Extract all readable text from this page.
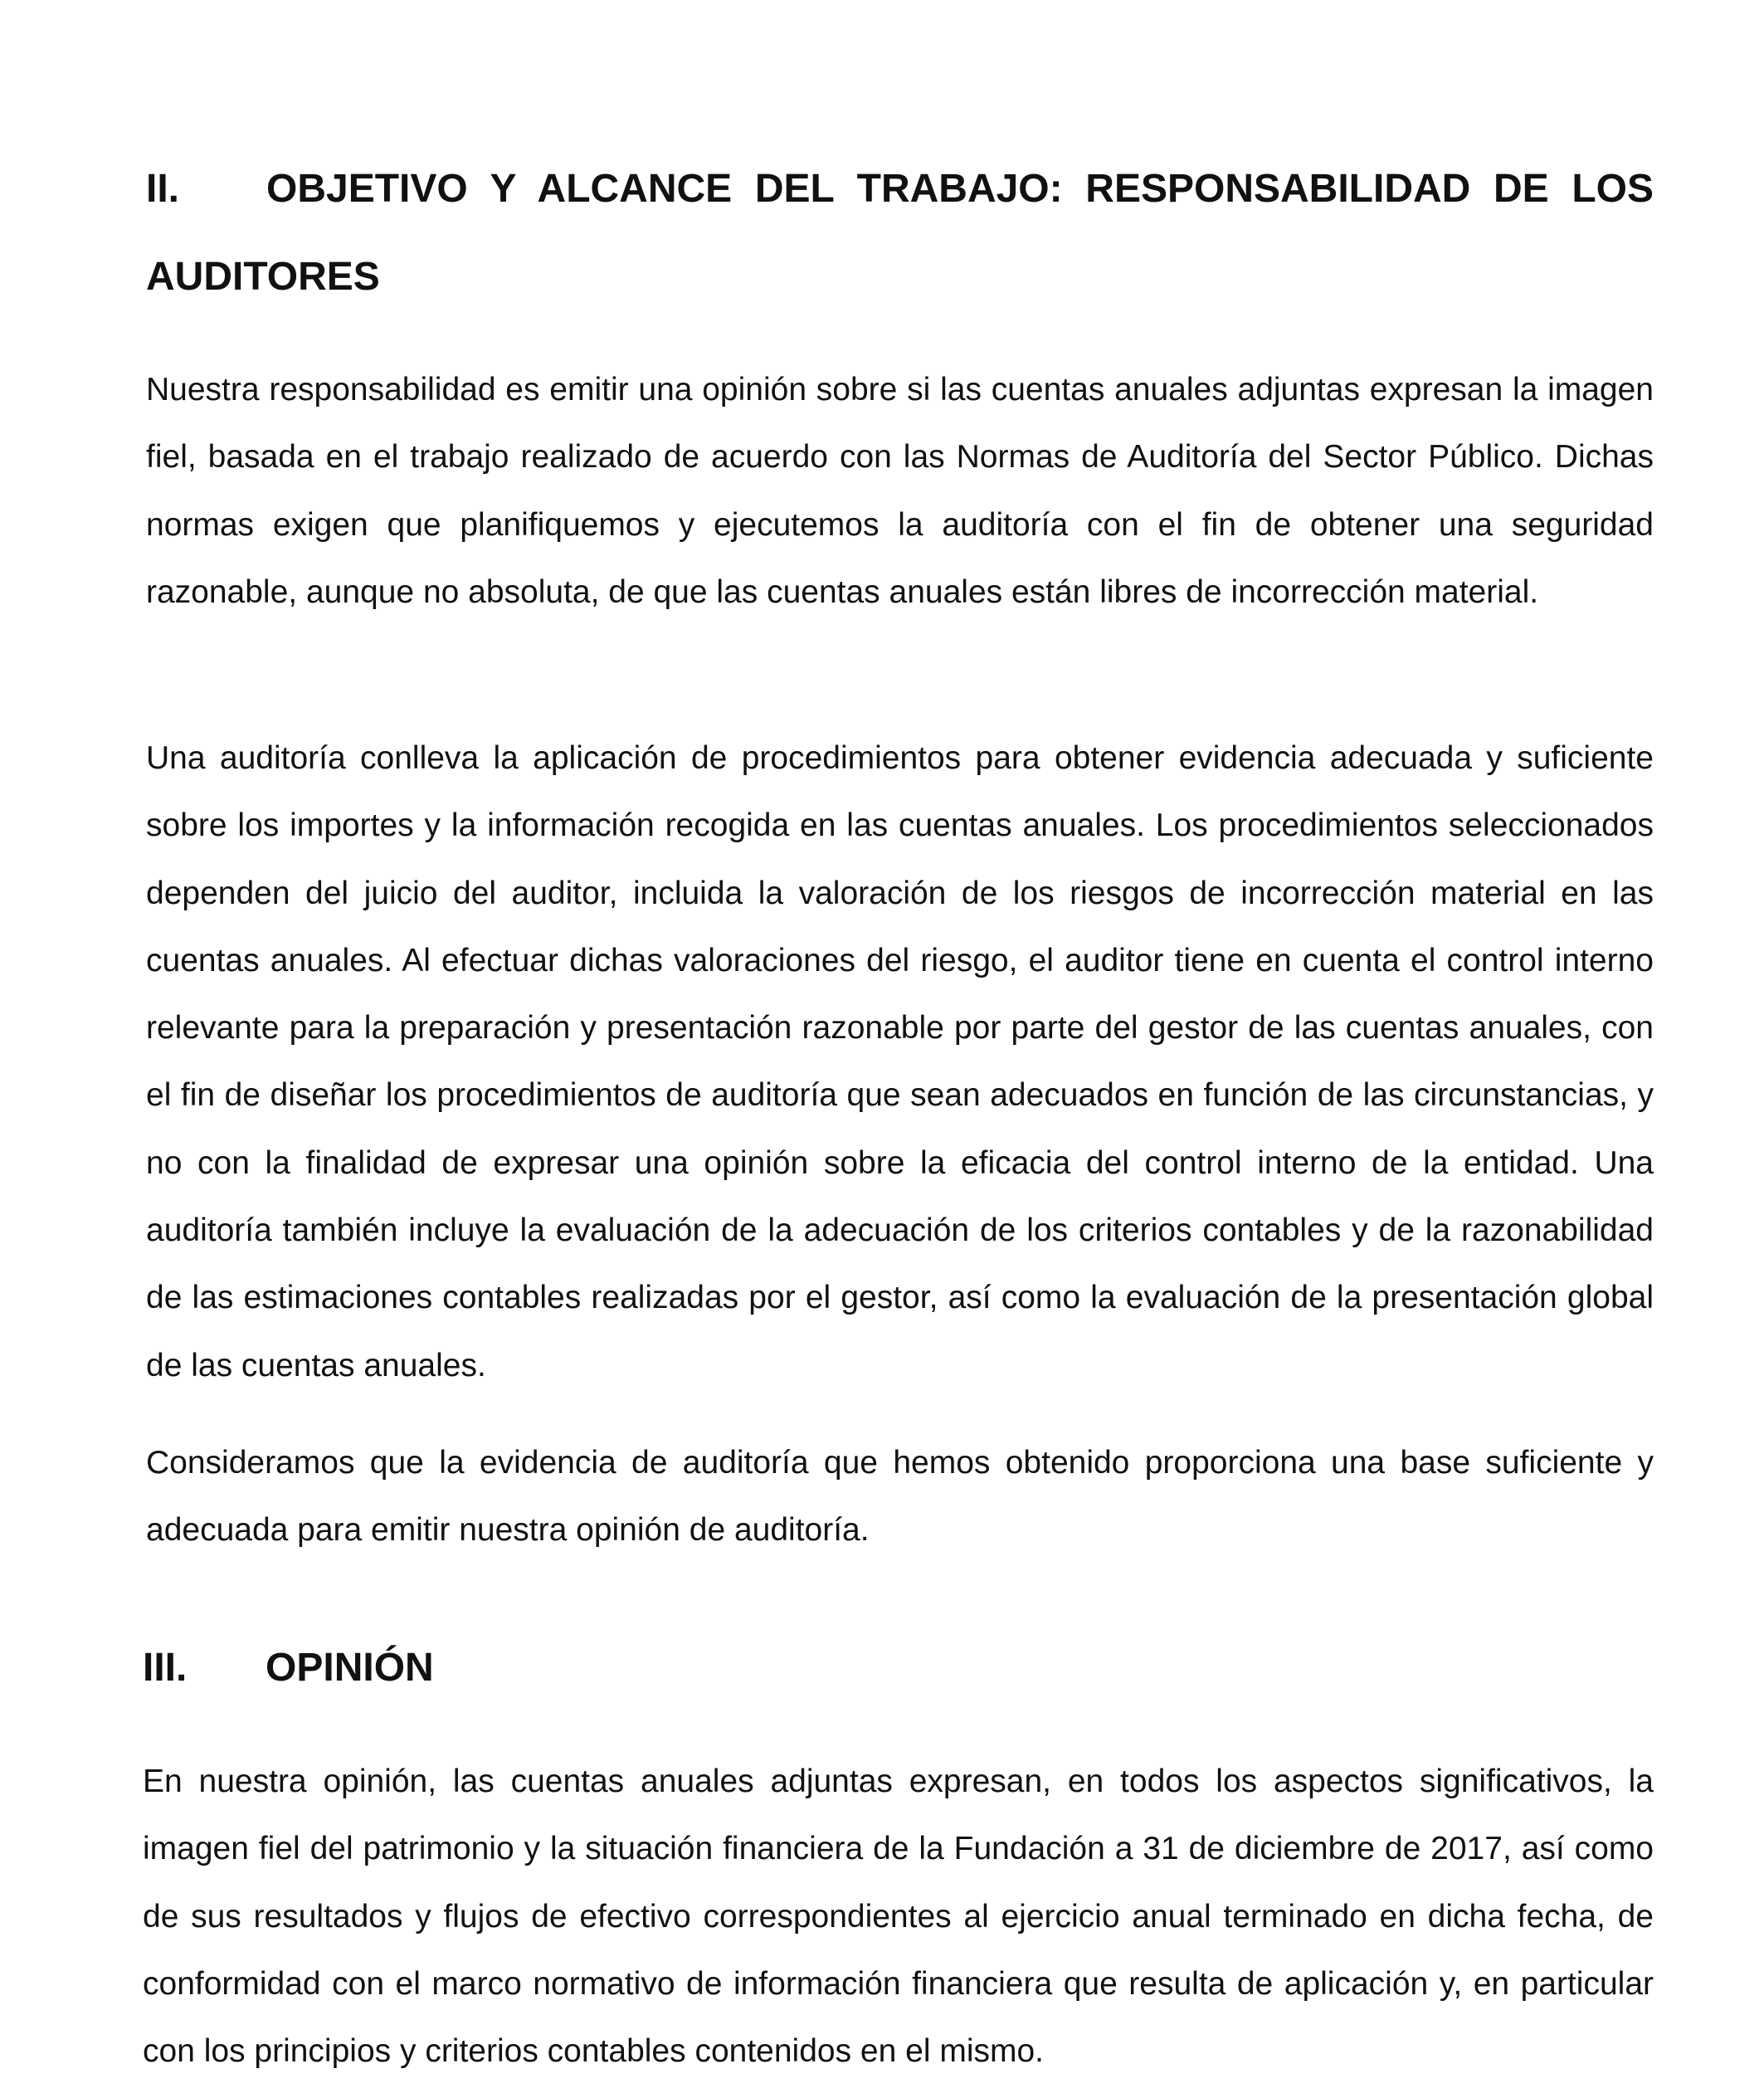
II. OBJETIVO Y ALCANCE DEL TRABAJO: RESPONSABILIDAD DE LOS AUDITORES

Nuestra responsabilidad es emitir una opinión sobre si las cuentas anuales adjuntas expresan la imagen fiel, basada en el trabajo realizado de acuerdo con las Normas de Auditoría del Sector Público. Dichas normas exigen que planifiquemos y ejecutemos la auditoría con el fin de obtener una seguridad razonable, aunque no absoluta, de que las cuentas anuales están libres de incorrección material.

Una auditoría conlleva la aplicación de procedimientos para obtener evidencia adecuada y suficiente sobre los importes y la información recogida en las cuentas anuales. Los procedimientos seleccionados dependen del juicio del auditor, incluida la valoración de los riesgos de incorrección material en las cuentas anuales. Al efectuar dichas valoraciones del riesgo, el auditor tiene en cuenta el control interno relevante para la preparación y presentación razonable por parte del gestor de las cuentas anuales, con el fin de diseñar los procedimientos de auditoría que sean adecuados en función de las circunstancias, y no con la finalidad de expresar una opinión sobre la eficacia del control interno de la entidad. Una auditoría también incluye la evaluación de la adecuación de los criterios contables y de la razonabilidad de las estimaciones contables realizadas por el gestor, así como la evaluación de la presentación global de las cuentas anuales.

Consideramos que la evidencia de auditoría que hemos obtenido proporciona una base suficiente y adecuada para emitir nuestra opinión de auditoría.

III. OPINIÓN

En nuestra opinión, las cuentas anuales adjuntas expresan, en todos los aspectos significativos, la imagen fiel del patrimonio y la situación financiera de la Fundación a 31 de diciembre de 2017, así como de sus resultados y flujos de efectivo correspondientes al ejercicio anual terminado en dicha fecha, de conformidad con el marco normativo de información financiera que resulta de aplicación y, en particular con los principios y criterios contables contenidos en el mismo.
